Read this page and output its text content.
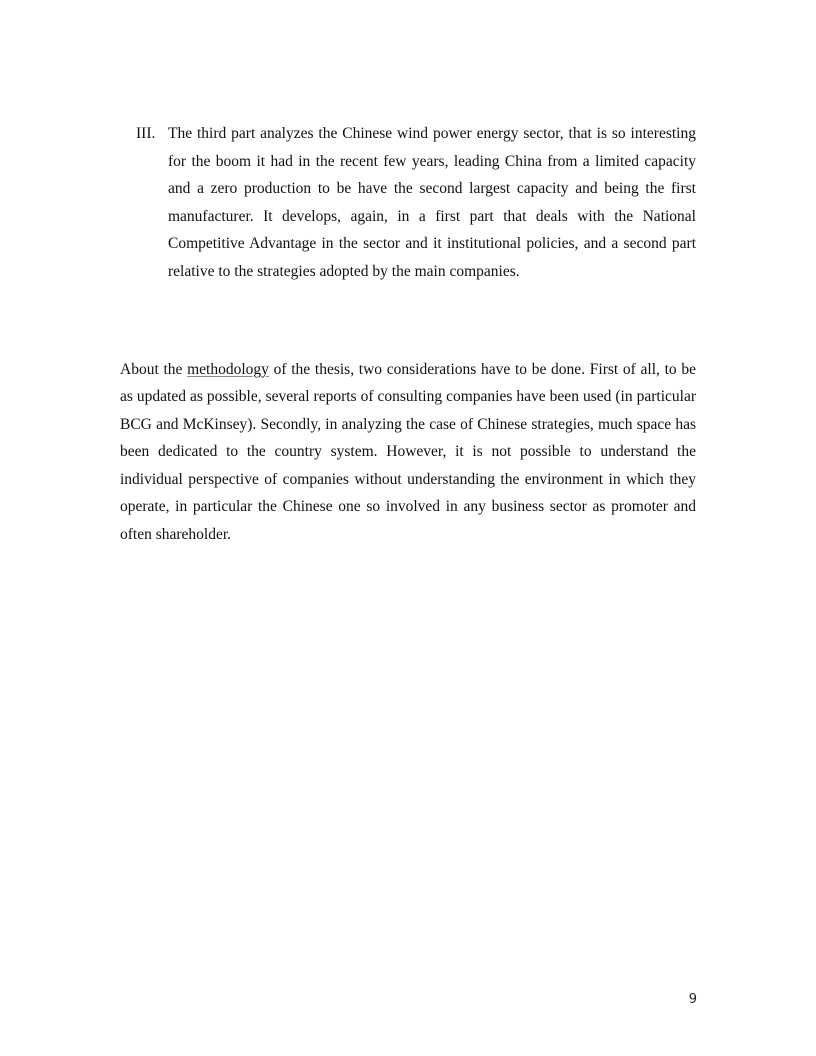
III. The third part analyzes the Chinese wind power energy sector, that is so interesting for the boom it had in the recent few years, leading China from a limited capacity and a zero production to be have the second largest capacity and being the first manufacturer. It develops, again, in a first part that deals with the National Competitive Advantage in the sector and it institutional policies, and a second part relative to the strategies adopted by the main companies.

About the methodology of the thesis, two considerations have to be done. First of all, to be as updated as possible, several reports of consulting companies have been used (in particular BCG and McKinsey). Secondly, in analyzing the case of Chinese strategies, much space has been dedicated to the country system. However, it is not possible to understand the individual perspective of companies without understanding the environment in which they operate, in particular the Chinese one so involved in any business sector as promoter and often shareholder.

9
